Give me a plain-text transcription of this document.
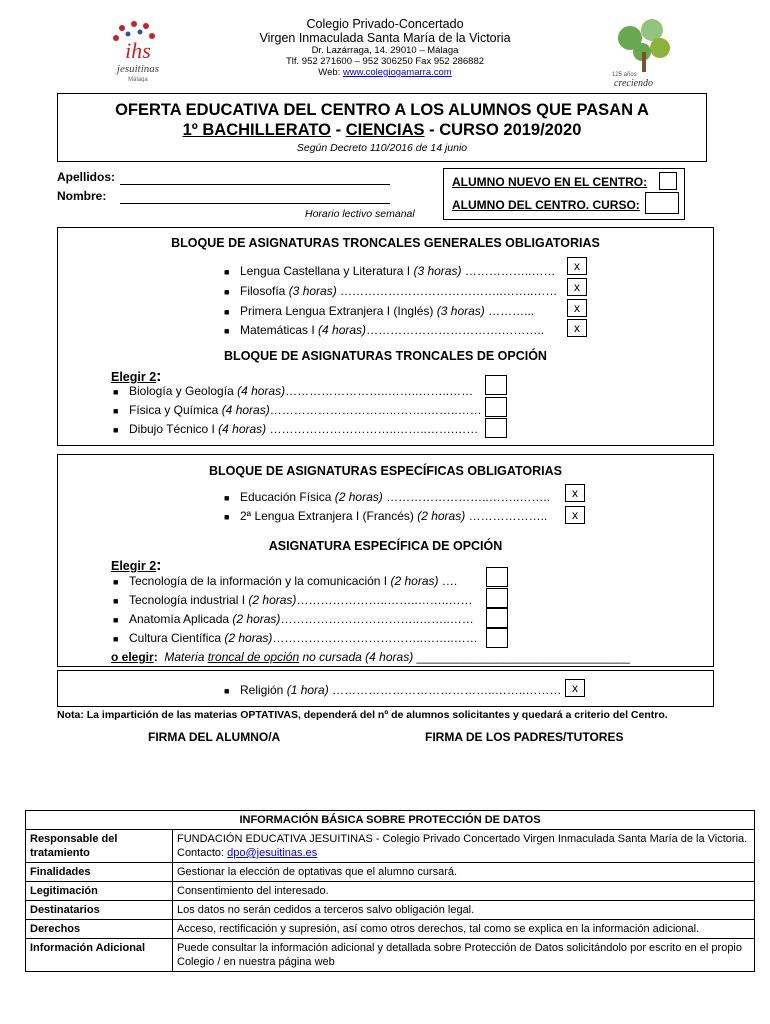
ihs
jesuitinas
Málaga
Colegio Privado-Concertado
Virgen Inmaculada Santa María de la Victoria
Dr. Lazárraga, 14. 29010 – Málaga
Tlf. 952 271600 – 952 306250 Fax 952 286882
Web: www.colegiogamarra.com	125 años
creciendo
OFERTA EDUCATIVA DEL CENTRO A LOS ALUMNOS QUE PASAN A
1º BACHILLERATO - CIENCIAS - CURSO 2019/2020
Según Decreto 110/2016 de 14 junio
Apellidos:
Nombre:
Horario lectivo semanal
ALUMNO NUEVO EN EL CENTRO:
ALUMNO DEL CENTRO. CURSO:
BLOQUE DE ASIGNATURAS TRONCALES GENERALES OBLIGATORIAS
■ Lengua Castellana y Literatura I (3 horas) ……………..……	x
■ Filosofía (3 horas) …………………………………..……..……	x
■ Primera Lengua Extranjera I (Inglés) (3 horas) ………...	x
■ Matemáticas I (4 horas)…………………………….………..	x
BLOQUE DE ASIGNATURAS TRONCALES DE OPCIÓN
Elegir 2:
■ Biología y Geología (4 horas)……………………..……..……..……
■ Física y Química (4 horas)…………………………..……..……..……
■ Dibujo Técnico I (4 horas) …………………………..……..…….……
BLOQUE DE ASIGNATURAS ESPECÍFICAS OBLIGATORIAS
■ Educación Física (2 horas) ……………………..……..……..	x
■ 2ª Lengua Extranjera I (Francés) (2 horas) ………………..	x
ASIGNATURA ESPECÍFICA DE OPCIÓN
Elegir 2:
■ Tecnología de la información y la comunicación I (2 horas) ….
■ Tecnología industrial I (2 horas)…………………..……..……..……
■ Anatomía Aplicada (2 horas)……………………………..……..……
■ Cultura Científica (2 horas)………………………………..……..……
o elegir: Materia troncal de opción no cursada (4 horas) ________________________________
■ Religión (1 hora) …………………………………..……..……… x
Nota: La impartición de las materias OPTATIVAS, dependerá del nº de alumnos solicitantes y quedará a criterio del Centro.
FIRMA DEL ALUMNO/A	FIRMA DE LOS PADRES/TUTORES
INFORMACIÓN BÁSICA SOBRE PROTECCIÓN DE DATOS	
Responsable del tratamiento	FUNDACIÓN EDUCATIVA JESUITINAS - Colegio Privado Concertado Virgen Inmaculada Santa María de la Victoria.
Contacto: dpo@jesuitinas.es
Finalidades	Gestionar la elección de optativas que el alumno cursará.
Legitimación	Consentimiento del interesado.
Destinatarios	Los datos no serán cedidos a terceros salvo obligación legal.
Derechos	Acceso, rectificación y supresión, así como otros derechos, tal como se explica en la información adicional.
Información Adicional	Puede consultar la información adicional y detallada sobre Protección de Datos solicitándolo por escrito en el propio Colegio / en nuestra página web
